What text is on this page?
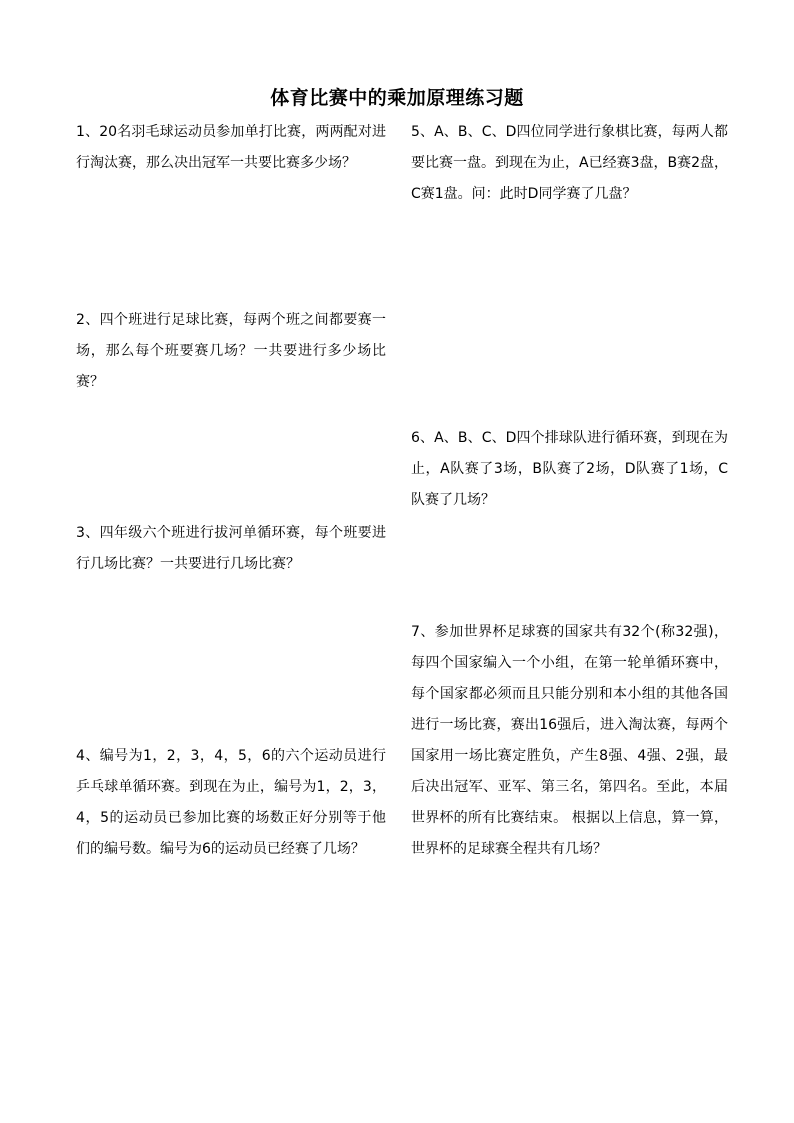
体育比赛中的乘加原理练习题

1、20名羽毛球运动员参加单打比赛，两两配对进行淘汰赛，那么决出冠军一共要比赛多少场？

2、四个班进行足球比赛，每两个班之间都要赛一场，那么每个班要赛几场？一共要进行多少场比赛？

3、四年级六个班进行拔河单循环赛，每个班要进行几场比赛？一共要进行几场比赛？

4、编号为1，2，3，4，5，6的六个运动员进行乒乓球单循环赛。到现在为止，编号为1，2，3，4，5的运动员已参加比赛的场数正好分别等于他们的编号数。编号为6的运动员已经赛了几场？

5、A、B、C、D四位同学进行象棋比赛，每两人都要比赛一盘。到现在为止，A已经赛3盘，B赛2盘，C赛1盘。问：此时D同学赛了几盘？

6、A、B、C、D四个排球队进行循环赛，到现在为止，A队赛了3场，B队赛了2场，D队赛了1场，C队赛了几场？

7、参加世界杯足球赛的国家共有32个(称32强)，每四个国家编入一个小组，在第一轮单循环赛中，每个国家都必须而且只能分别和本小组的其他各国进行一场比赛，赛出16强后，进入淘汰赛，每两个国家用一场比赛定胜负，产生8强、4强、2强，最后决出冠军、亚军、第三名，第四名。至此，本届世界杯的所有比赛结束。 根据以上信息，算一算，世界杯的足球赛全程共有几场？
